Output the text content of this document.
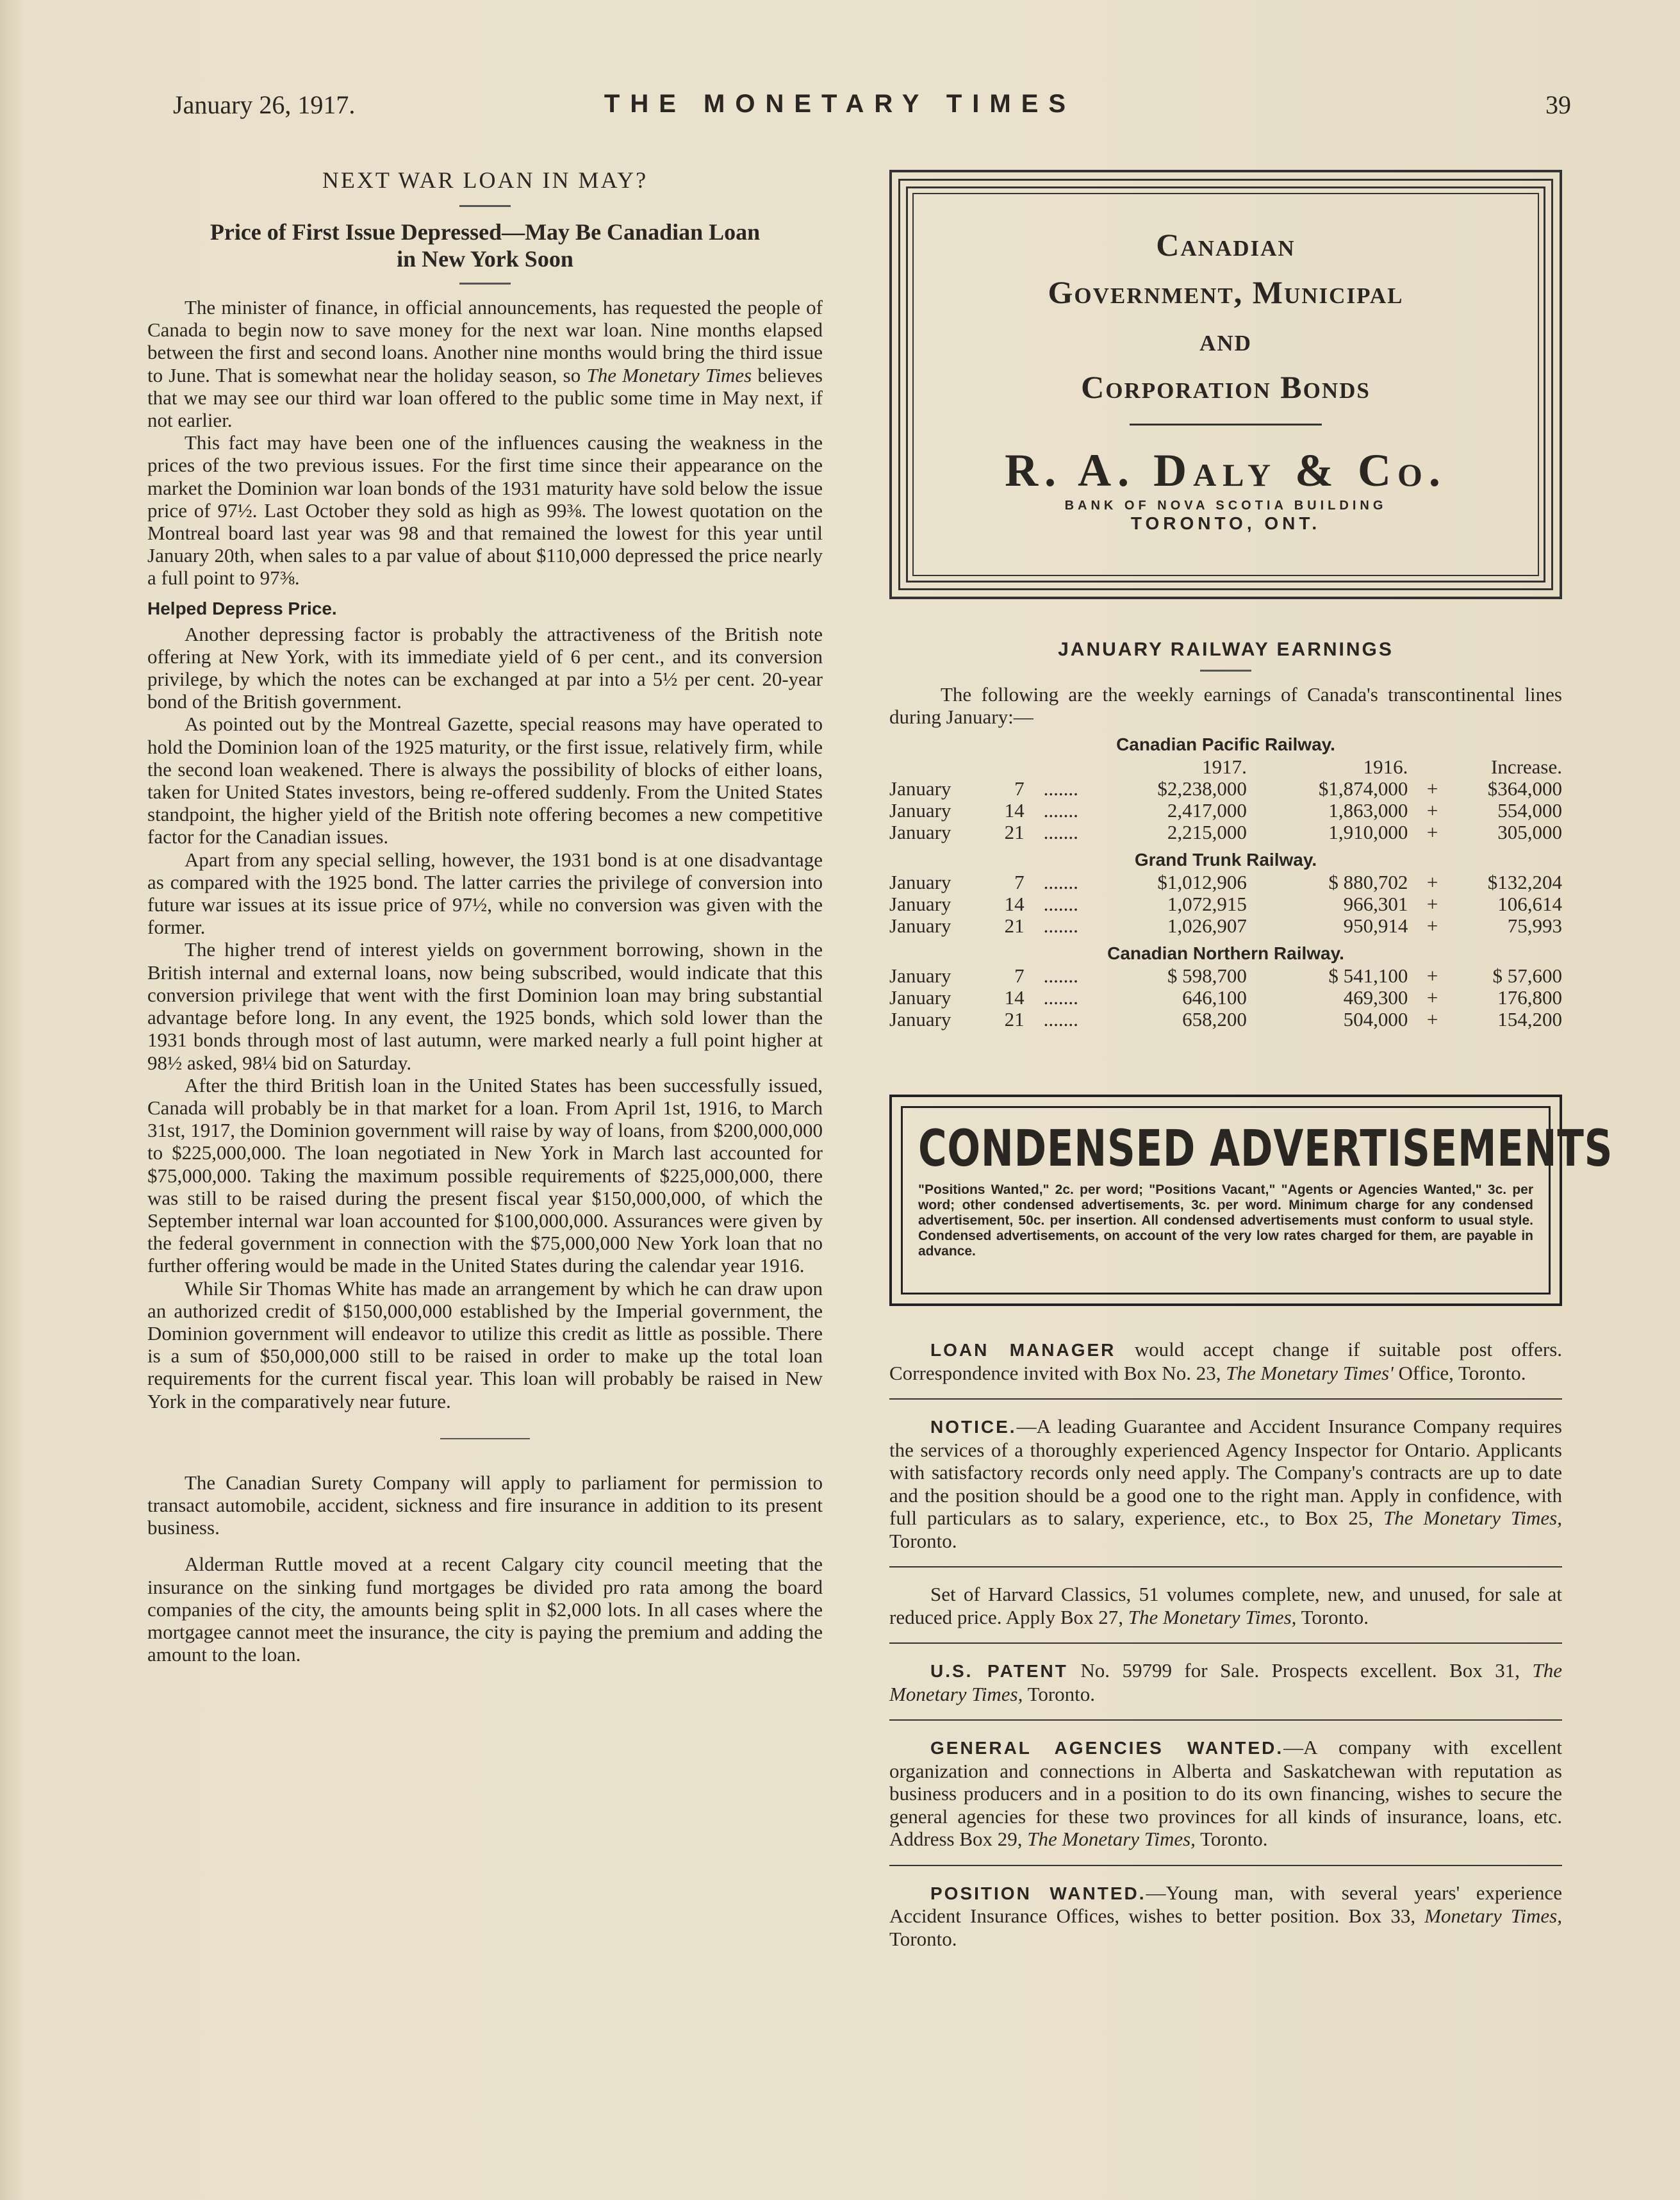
January 26, 1917.	THE MONETARY TIMES	39
NEXT WAR LOAN IN MAY?
Price of First Issue Depressed—May Be Canadian Loan
in New York Soon

The minister of finance, in official announcements, has requested the people of Canada to begin now to save money for the next war loan. Nine months elapsed between the first and second loans. Another nine months would bring the third issue to June. That is somewhat near the holiday season, so The Monetary Times believes that we may see our third war loan offered to the public some time in May next, if not earlier.

This fact may have been one of the influences causing the weakness in the prices of the two previous issues. For the first time since their appearance on the market the Dominion war loan bonds of the 1931 maturity have sold below the issue price of 97½. Last October they sold as high as 99⅜. The lowest quotation on the Montreal board last year was 98 and that remained the lowest for this year until January 20th, when sales to a par value of about $110,000 depressed the price nearly a full point to 97⅜.

Helped Depress Price.

Another depressing factor is probably the attractiveness of the British note offering at New York, with its immediate yield of 6 per cent., and its conversion privilege, by which the notes can be exchanged at par into a 5½ per cent. 20-year bond of the British government.

As pointed out by the Montreal Gazette, special reasons may have operated to hold the Dominion loan of the 1925 maturity, or the first issue, relatively firm, while the second loan weakened. There is always the possibility of blocks of either loans, taken for United States investors, being re-offered suddenly. From the United States standpoint, the higher yield of the British note offering becomes a new competitive factor for the Canadian issues.

Apart from any special selling, however, the 1931 bond is at one disadvantage as compared with the 1925 bond. The latter carries the privilege of conversion into future war issues at its issue price of 97½, while no conversion was given with the former.

The higher trend of interest yields on government borrowing, shown in the British internal and external loans, now being subscribed, would indicate that this conversion privilege that went with the first Dominion loan may bring substantial advantage before long. In any event, the 1925 bonds, which sold lower than the 1931 bonds through most of last autumn, were marked nearly a full point higher at 98½ asked, 98¼ bid on Saturday.

After the third British loan in the United States has been successfully issued, Canada will probably be in that market for a loan. From April 1st, 1916, to March 31st, 1917, the Dominion government will raise by way of loans, from $200,000,000 to $225,000,000. The loan negotiated in New York in March last accounted for $75,000,000. Taking the maximum possible requirements of $225,000,000, there was still to be raised during the present fiscal year $150,000,000, of which the September internal war loan accounted for $100,000,000. Assurances were given by the federal government in connection with the $75,000,000 New York loan that no further offering would be made in the United States during the calendar year 1916.

While Sir Thomas White has made an arrangement by which he can draw upon an authorized credit of $150,000,000 established by the Imperial government, the Dominion government will endeavor to utilize this credit as little as possible. There is a sum of $50,000,000 still to be raised in order to make up the total loan requirements for the current fiscal year. This loan will probably be raised in New York in the comparatively near future.

The Canadian Surety Company will apply to parliament for permission to transact automobile, accident, sickness and fire insurance in addition to its present business.

Alderman Ruttle moved at a recent Calgary city council meeting that the insurance on the sinking fund mortgages be divided pro rata among the board companies of the city, the amounts being split in $2,000 lots. In all cases where the mortgagee cannot meet the insurance, the city is paying the premium and adding the amount to the loan.

Canadian
Government, Municipal
and
Corporation Bonds
R. A. Daly & Co.
BANK OF NOVA SCOTIA BUILDING
TORONTO, ONT.
JANUARY RAILWAY EARNINGS
The following are the weekly earnings of Canada's transcontinental lines during January:—
Canadian Pacific Railway.
			1917.	1916.		Increase.
January	7	.......	$2,238,000	$1,874,000	+	$364,000
January	14	.......	2,417,000	1,863,000	+	554,000
January	21	.......	2,215,000	1,910,000	+	305,000
Grand Trunk Railway.
January	7	.......	$1,012,906	$ 880,702	+	$132,204
January	14	.......	1,072,915	966,301	+	106,614
January	21	.......	1,026,907	950,914	+	75,993
Canadian Northern Railway.
January	7	.......	$ 598,700	$ 541,100	+	$ 57,600
January	14	.......	646,100	469,300	+	176,800
January	21	.......	658,200	504,000	+	154,200
CONDENSED ADVERTISEMENTS
"Positions Wanted," 2c. per word; "Positions Vacant," "Agents or Agencies Wanted," 3c. per word; other condensed advertisements, 3c. per word. Minimum charge for any condensed advertisement, 50c. per insertion. All condensed advertisements must conform to usual style. Condensed advertisements, on account of the very low rates charged for them, are payable in advance.

LOAN MANAGER would accept change if suitable post offers. Correspondence invited with Box No. 23, The Monetary Times' Office, Toronto.

NOTICE.—A leading Guarantee and Accident Insurance Company requires the services of a thoroughly experienced Agency Inspector for Ontario. Applicants with satisfactory records only need apply. The Company's contracts are up to date and the position should be a good one to the right man. Apply in confidence, with full particulars as to salary, experience, etc., to Box 25, The Monetary Times, Toronto.

Set of Harvard Classics, 51 volumes complete, new, and unused, for sale at reduced price. Apply Box 27, The Monetary Times, Toronto.

U.S. PATENT No. 59799 for Sale. Prospects excellent. Box 31, The Monetary Times, Toronto.

GENERAL AGENCIES WANTED.—A company with excellent organization and connections in Alberta and Saskatchewan with reputation as business producers and in a position to do its own financing, wishes to secure the general agencies for these two provinces for all kinds of insurance, loans, etc. Address Box 29, The Monetary Times, Toronto.

POSITION WANTED.—Young man, with several years' experience Accident Insurance Offices, wishes to better position. Box 33, Monetary Times, Toronto.
